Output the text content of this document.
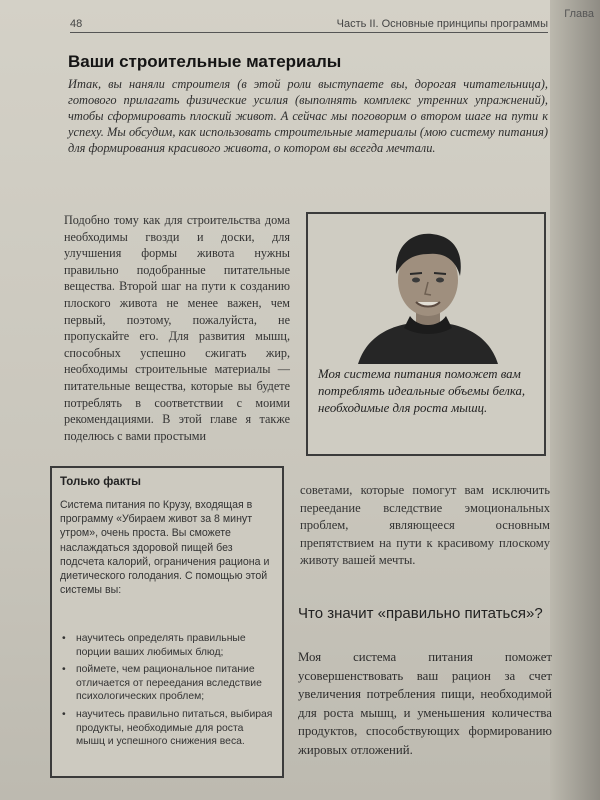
Глава
48	Часть II. Основные принципы программы
Ваши строительные материалы
Итак, вы наняли строителя (в этой роли выступаете вы, дорогая читательница), готового прилагать физические усилия (выполнять комплекс утренних упражнений), чтобы сформировать плоский живот. А сейчас мы поговорим о втором шаге на пути к успеху. Мы обсудим, как использовать строительные материалы (мою систему питания) для формирования красивого живота, о котором вы всегда мечтали.
Подобно тому как для строительства дома необходимы гвозди и доски, для улучшения формы живота нужны правильно подобранные питательные вещества. Второй шаг на пути к созданию плоского живота не менее важен, чем первый, поэтому, пожалуйста, не пропускайте его. Для развития мышц, способных успешно сжигать жир, необходимы строительные материалы — питательные вещества, которые вы будете потреблять в соответствии с моими рекомендациями. В этой главе я также поделюсь с вами простыми
Моя система питания поможет вам потреблять идеальные объемы белка, необходимые для роста мышц.
Только факты
Система питания по Крузу, входящая в программу «Убираем живот за 8 минут утром», очень проста. Вы сможете наслаждаться здоровой пищей без подсчета калорий, ограничения рациона и диетического голодания. С помощью этой системы вы:
• научитесь определять правильные порции ваших любимых блюд;
• поймете, чем рациональное питание отличается от переедания вследствие психологических проблем;
• научитесь правильно питаться, выбирая продукты, необходимые для роста мышц и успешного снижения веса.
советами, которые помогут вам исключить переедание вследствие эмоциональных проблем, являющееся основным препятствием на пути к красивому плоскому животу вашей мечты.
Что значит «правильно питаться»?
Моя система питания поможет усовершенствовать ваш рацион за счет увеличения потребления пищи, необходимой для роста мышц, и уменьшения количества продуктов, способствующих формированию жировых отложений.
